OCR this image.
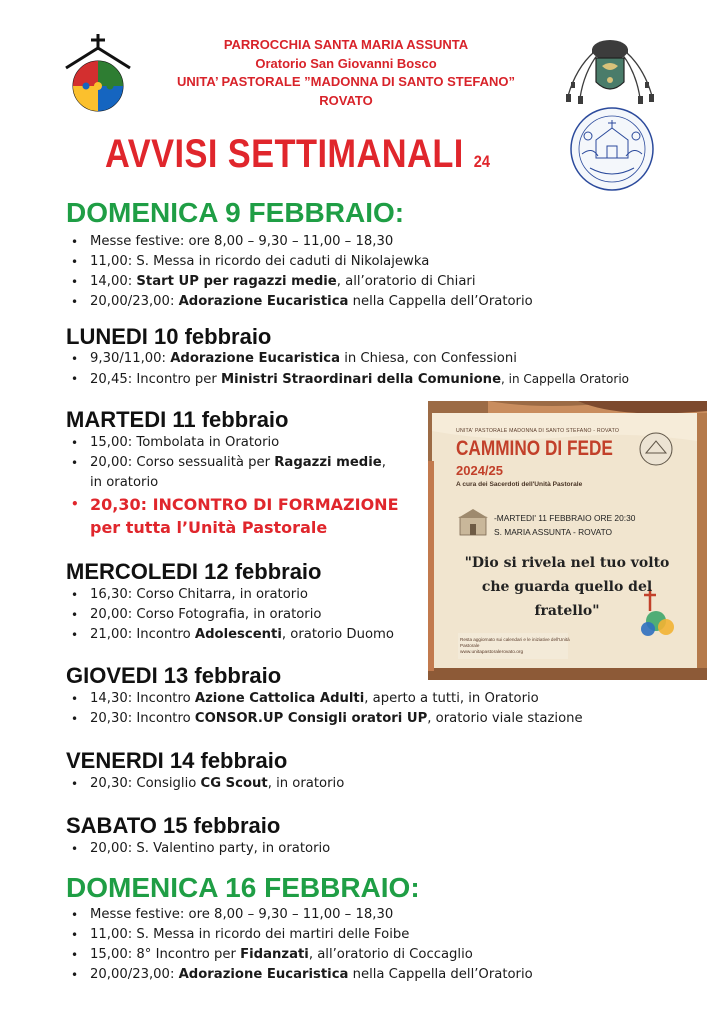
PARROCCHIA SANTA MARIA ASSUNTA
Oratorio San Giovanni Bosco
UNITA’ PASTORALE ”MADONNA DI SANTO STEFANO”
ROVATO
AVVISI SETTIMANALI 24
DOMENICA 9 FEBBRAIO:
• Messe festive: ore 8,00 – 9,30 – 11,00 – 18,30
• 11,00: S. Messa in ricordo dei caduti di Nikolajewka
• 14,00: Start UP per ragazzi medie, all’oratorio di Chiari
• 20,00/23,00: Adorazione Eucaristica nella Cappella dell’Oratorio
LUNEDI 10 febbraio
• 9,30/11,00: Adorazione Eucaristica in Chiesa, con Confessioni
• 20,45: Incontro per Ministri Straordinari della Comunione, in Cappella Oratorio
MARTEDI 11 febbraio
• 15,00: Tombolata in Oratorio
• 20,00: Corso sessualità per Ragazzi medie,
in oratorio
• 20,30: INCONTRO DI FORMAZIONE
per tutta l’Unità Pastorale
MERCOLEDI 12 febbraio
• 16,30: Corso Chitarra, in oratorio
• 20,00: Corso Fotografia, in oratorio
• 21,00: Incontro Adolescenti, oratorio Duomo
GIOVEDI 13 febbraio
• 14,30: Incontro Azione Cattolica Adulti, aperto a tutti, in Oratorio
• 20,30: Incontro CONSOR.UP Consigli oratori UP, oratorio viale stazione
VENERDI 14 febbraio
• 20,30: Consiglio CG Scout, in oratorio
SABATO 15 febbraio
• 20,00: S. Valentino party, in oratorio
DOMENICA 16 FEBBRAIO:
• Messe festive: ore 8,00 – 9,30 – 11,00 – 18,30
• 11,00: S. Messa in ricordo dei martiri delle Foibe
• 15,00: 8° Incontro per Fidanzati, all’oratorio di Coccaglio
• 20,00/23,00: Adorazione Eucaristica nella Cappella dell’Oratorio
UNITA' PASTORALE MADONNA DI SANTO STEFANO - ROVATO
CAMMINO DI FEDE
2024/25
A cura dei Sacerdoti dell'Unità Pastorale
-MARTEDI' 11 FEBBRAIO ORE 20:30
S. MARIA ASSUNTA - ROVATO
"Dio si rivela nel tuo volto che guarda quello del fratello"
Resta aggiornato sui calendari e le iniziative dell'Unità Pastorale
www.unitapastoralerovato.org
